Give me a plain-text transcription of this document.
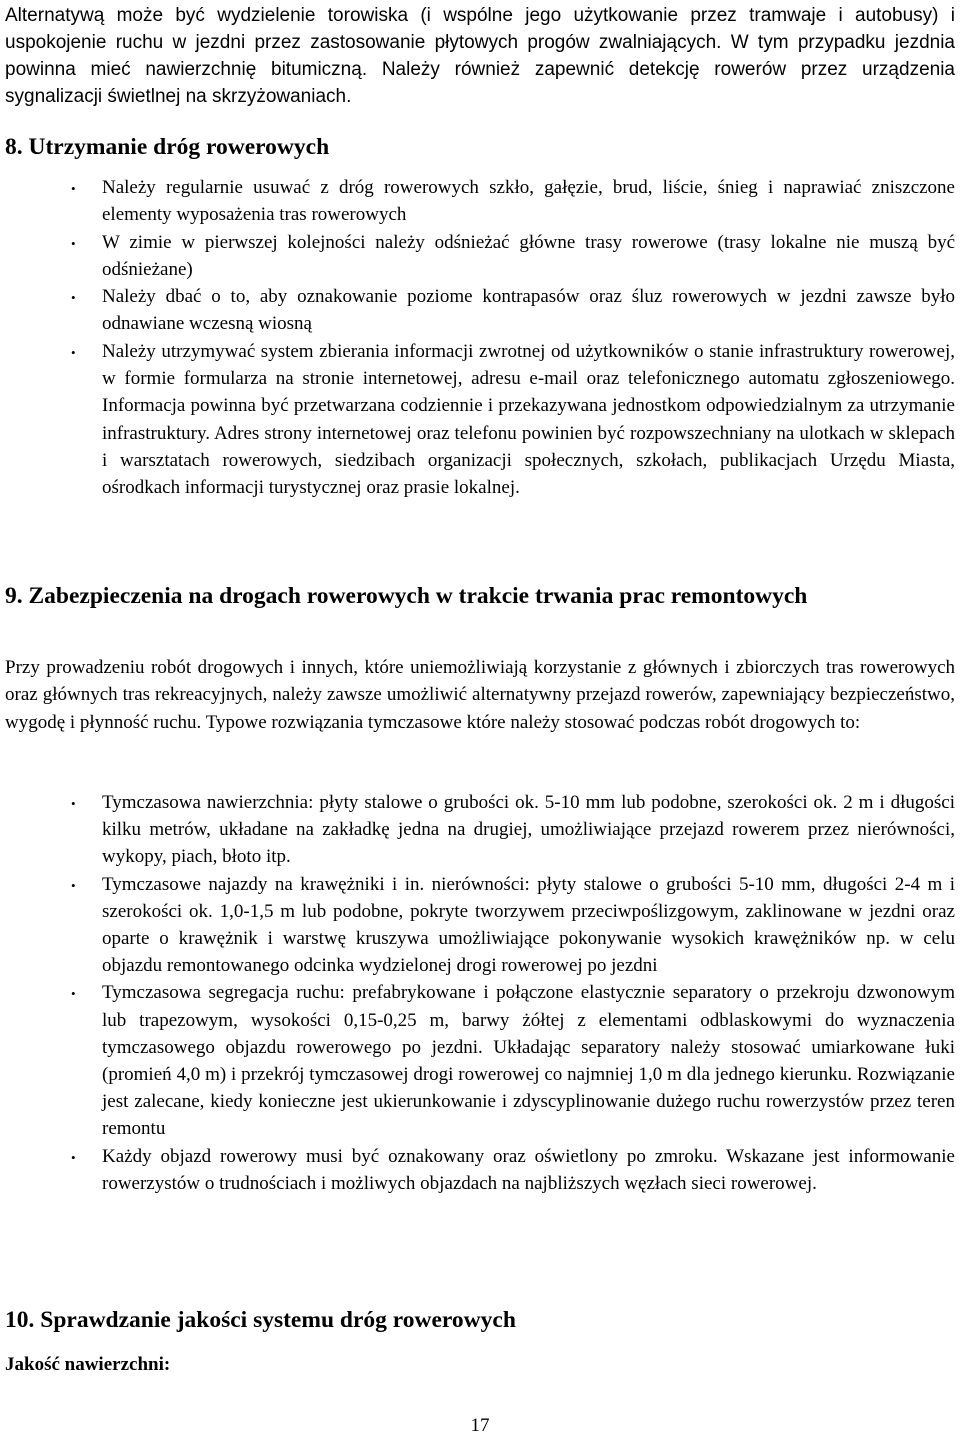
Alternatywą może być wydzielenie torowiska (i wspólne jego użytkowanie przez tramwaje i autobusy) i uspokojenie ruchu w jezdni przez zastosowanie płytowych progów zwalniających. W tym przypadku jezdnia powinna mieć nawierzchnię bitumiczną. Należy również zapewnić detekcję rowerów przez urządzenia sygnalizacji świetlnej na skrzyżowaniach.

8. Utrzymanie dróg rowerowych
• Należy regularnie usuwać z dróg rowerowych szkło, gałęzie, brud, liście, śnieg i naprawiać zniszczone elementy wyposażenia tras rowerowych
• W zimie w pierwszej kolejności należy odśnieżać główne trasy rowerowe (trasy lokalne nie muszą być odśnieżane)
• Należy dbać o to, aby oznakowanie poziome kontrapasów oraz śluz rowerowych w jezdni zawsze było odnawiane wczesną wiosną
• Należy utrzymywać system zbierania informacji zwrotnej od użytkowników o stanie infrastruktury rowerowej, w formie formularza na stronie internetowej, adresu e-mail oraz telefonicznego automatu zgłoszeniowego. Informacja powinna być przetwarzana codziennie i przekazywana jednostkom odpowiedzialnym za utrzymanie infrastruktury. Adres strony internetowej oraz telefonu powinien być rozpowszechniany na ulotkach w sklepach i warsztatach rowerowych, siedzibach organizacji społecznych, szkołach, publikacjach Urzędu Miasta, ośrodkach informacji turystycznej oraz prasie lokalnej.
9. Zabezpieczenia na drogach rowerowych w trakcie trwania prac remontowych

Przy prowadzeniu robót drogowych i innych, które uniemożliwiają korzystanie z głównych i zbiorczych tras rowerowych oraz głównych tras rekreacyjnych, należy zawsze umożliwić alternatywny przejazd rowerów, zapewniający bezpieczeństwo, wygodę i płynność ruchu. Typowe rozwiązania tymczasowe które należy stosować podczas robót drogowych to:

• Tymczasowa nawierzchnia: płyty stalowe o grubości ok. 5-10 mm lub podobne, szerokości ok. 2 m i długości kilku metrów, układane na zakładkę jedna na drugiej, umożliwiające przejazd rowerem przez nierówności, wykopy, piach, błoto itp.
• Tymczasowe najazdy na krawężniki i in. nierówności: płyty stalowe o grubości 5-10 mm, długości 2-4 m i szerokości ok. 1,0-1,5 m lub podobne, pokryte tworzywem przeciwpoślizgowym, zaklinowane w jezdni oraz oparte o krawężnik i warstwę kruszywa umożliwiające pokonywanie wysokich krawężników np. w celu objazdu remontowanego odcinka wydzielonej drogi rowerowej po jezdni
• Tymczasowa segregacja ruchu: prefabrykowane i połączone elastycznie separatory o przekroju dzwonowym lub trapezowym, wysokości 0,15-0,25 m, barwy żółtej z elementami odblaskowymi do wyznaczenia tymczasowego objazdu rowerowego po jezdni. Układając separatory należy stosować umiarkowane łuki (promień 4,0 m) i przekrój tymczasowej drogi rowerowej co najmniej 1,0 m dla jednego kierunku. Rozwiązanie jest zalecane, kiedy konieczne jest ukierunkowanie i zdyscyplinowanie dużego ruchu rowerzystów przez teren remontu
• Każdy objazd rowerowy musi być oznakowany oraz oświetlony po zmroku. Wskazane jest informowanie rowerzystów o trudnościach i możliwych objazdach na najbliższych węzłach sieci rowerowej.
10. Sprawdzanie jakości systemu dróg rowerowych
Jakość nawierzchni:
17
